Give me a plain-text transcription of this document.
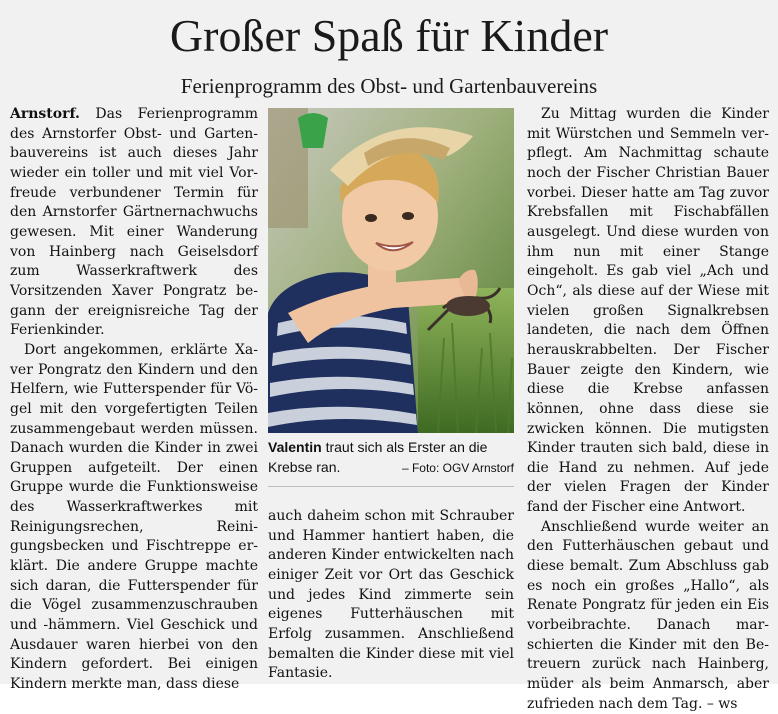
Großer Spaß für Kinder
Ferienprogramm des Obst- und Gartenbauvereins

Arnstorf. Das Ferienprogramm des Arnstorfer Obst- und Gartenbauvereins ist auch dieses Jahr wieder ein toller und mit viel Vorfreude verbundener Termin für den Arnstorfer Gärtnernachwuchs gewesen. Mit einer Wanderung von Hainberg nach Geiselsdorf zum Wasserkraftwerk des Vorsitzenden Xaver Pongratz begann der ereignisreiche Tag der Ferienkinder.

Dort angekommen, erklärte Xaver Pongratz den Kindern und den Helfern, wie Futterspender für Vögel mit den vorgefertigten Teilen zusammengebaut werden müssen. Danach wurden die Kinder in zwei Gruppen aufgeteilt. Der einen Gruppe wurde die Funktionsweise des Wasserkraftwerkes mit Reinigungsrechen, Reinigungsbecken und Fischtreppe erklärt. Die andere Gruppe machte sich daran, die Futterspender für die Vögel zusammenzuschrauben und -hämmern. Viel Geschick und Ausdauer waren hierbei von den Kindern gefordert. Bei einigen Kindern merkte man, dass diese

Valentin traut sich als Erster an die Krebse ran.	– Foto: OGV Arnstorf

auch daheim schon mit Schrauber und Hammer hantiert haben, die anderen Kinder entwickelten nach einiger Zeit vor Ort das Geschick und jedes Kind zimmerte sein eigenes Futterhäuschen mit Erfolg zusammen. Anschließend bemalten die Kinder diese mit viel Fantasie.

Zu Mittag wurden die Kinder mit Würstchen und Semmeln verpflegt. Am Nachmittag schaute noch der Fischer Christian Bauer vorbei. Dieser hatte am Tag zuvor Krebsfallen mit Fischabfällen ausgelegt. Und diese wurden von ihm nun mit einer Stange eingeholt. Es gab viel „Ach und Och“, als diese auf der Wiese mit vielen großen Signalkrebsen landeten, die nach dem Öffnen herauskrabbelten. Der Fischer Bauer zeigte den Kindern, wie diese die Krebse anfassen können, ohne dass diese sie zwicken können. Die mutigsten Kinder trauten sich bald, diese in die Hand zu nehmen. Auf jede der vielen Fragen der Kinder fand der Fischer eine Antwort.

Anschließend wurde weiter an den Futterhäuschen gebaut und diese bemalt. Zum Abschluss gab es noch ein großes „Hallo“, als Renate Pongratz für jeden ein Eis vorbeibrachte. Danach marschierten die Kinder mit den Betreuern zurück nach Hainberg, müder als beim Anmarsch, aber zufrieden nach dem Tag. – ws
